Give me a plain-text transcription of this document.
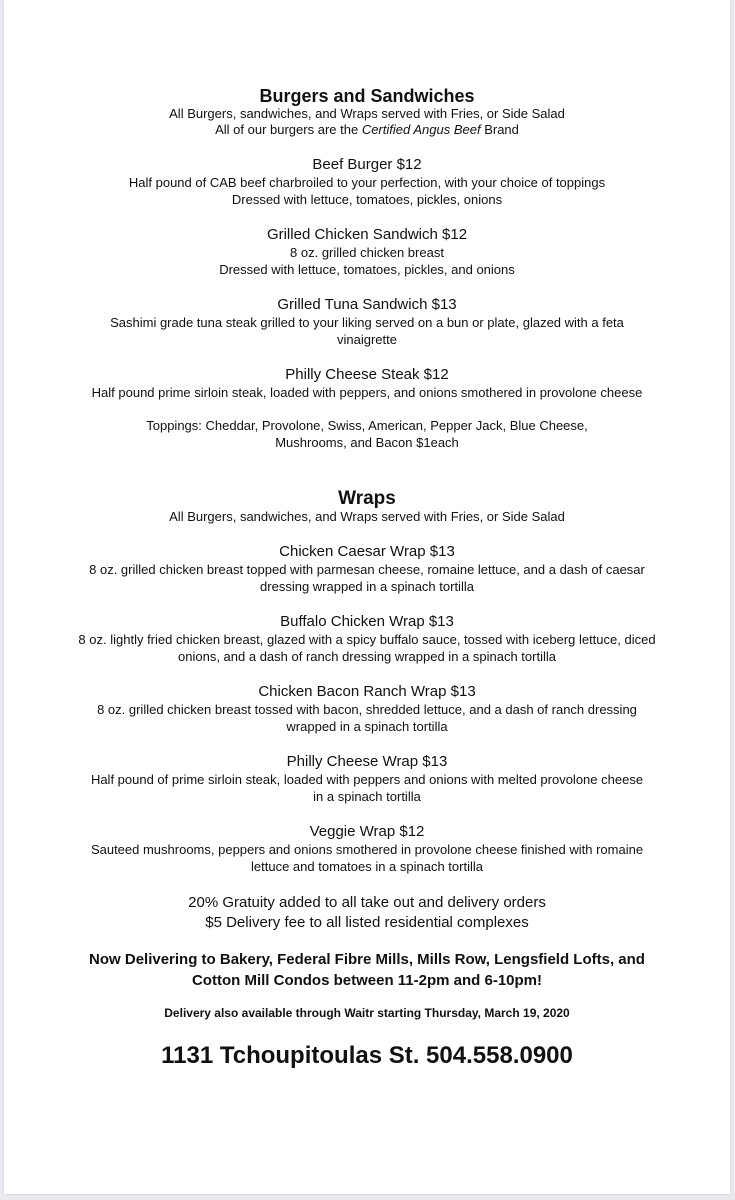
Burgers and Sandwiches

All Burgers, sandwiches, and Wraps served with Fries, or Side Salad

All of our burgers are the Certified Angus Beef Brand

Beef Burger $12

Half pound of CAB beef charbroiled to your perfection, with your choice of toppings

Dressed with lettuce, tomatoes, pickles, onions

Grilled Chicken Sandwich $12

8 oz. grilled chicken breast

Dressed with lettuce, tomatoes, pickles, and onions

Grilled Tuna Sandwich $13

Sashimi grade tuna steak grilled to your liking served on a bun or plate, glazed with a feta vinaigrette

Philly Cheese Steak $12

Half pound prime sirloin steak, loaded with peppers, and onions smothered in provolone cheese

Toppings: Cheddar, Provolone, Swiss, American, Pepper Jack, Blue Cheese, Mushrooms, and Bacon $1each

Wraps

All Burgers, sandwiches, and Wraps served with Fries, or Side Salad

Chicken Caesar Wrap $13

8 oz. grilled chicken breast topped with parmesan cheese, romaine lettuce, and a dash of caesar dressing wrapped in a spinach tortilla

Buffalo Chicken Wrap $13

8 oz. lightly fried chicken breast, glazed with a spicy buffalo sauce, tossed with iceberg lettuce, diced onions, and a dash of ranch dressing wrapped in a spinach tortilla

Chicken Bacon Ranch Wrap $13

8 oz. grilled chicken breast tossed with bacon, shredded lettuce, and a dash of ranch dressing wrapped in a spinach tortilla

Philly Cheese Wrap $13

Half pound of prime sirloin steak, loaded with peppers and onions with melted provolone cheese in a spinach tortilla

Veggie Wrap $12

Sauteed mushrooms, peppers and onions smothered in provolone cheese finished with romaine lettuce and tomatoes in a spinach tortilla

20% Gratuity added to all take out and delivery orders

$5 Delivery fee to all listed residential complexes

Now Delivering to Bakery, Federal Fibre Mills, Mills Row, Lengsfield Lofts, and Cotton Mill Condos between 11-2pm and 6-10pm!

Delivery also available through Waitr starting Thursday, March 19, 2020

1131 Tchoupitoulas St. 504.558.0900
